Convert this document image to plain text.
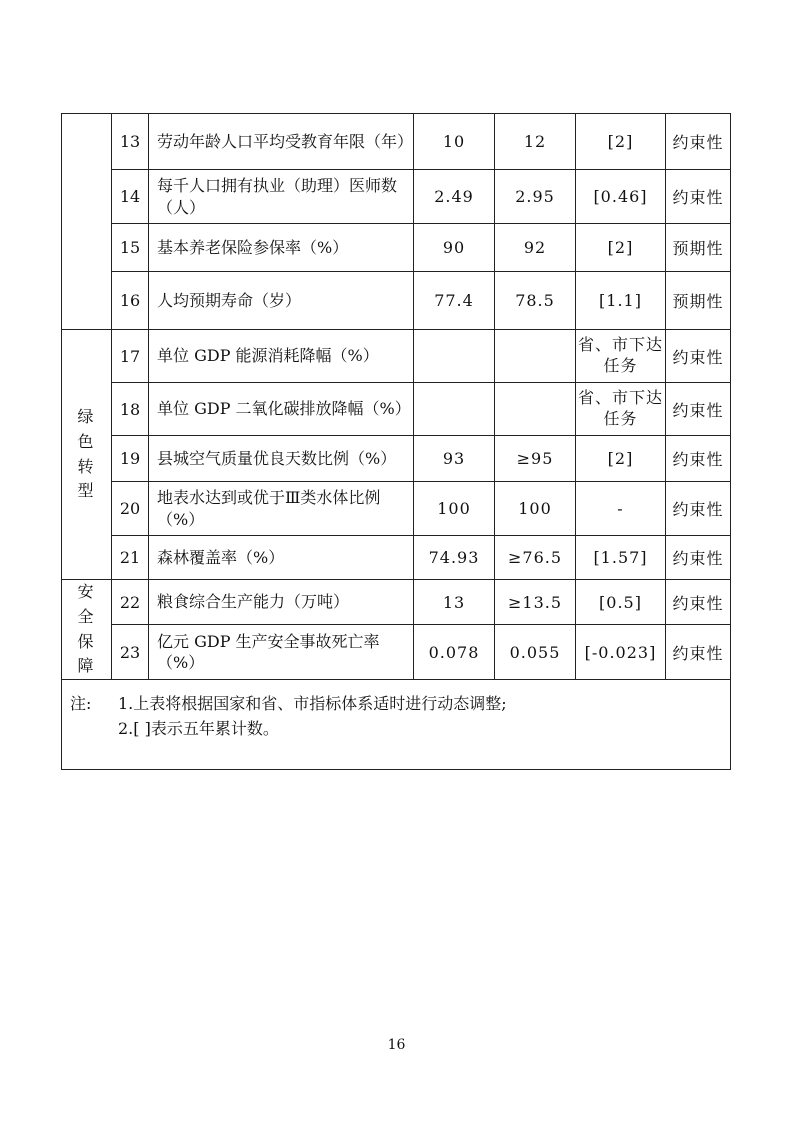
	13	劳动年龄人口平均受教育年限（年）	10	12	[2]	约束性
	14	每千人口拥有执业（助理）医师数（人）	2.49	2.95	[0.46]	约束性
	15	基本养老保险参保率（%）	90	92	[2]	预期性
	16	人均预期寿命（岁）	77.4	78.5	[1.1]	预期性
绿色转型	17	单位 GDP 能源消耗降幅（%）			省、市下达任务	约束性
	18	单位 GDP 二氧化碳排放降幅（%）			省、市下达任务	约束性
	19	县城空气质量优良天数比例（%）	93	≥95	[2]	约束性
	20	地表水达到或优于Ⅲ类水体比例（%）	100	100	-	约束性
	21	森林覆盖率（%）	74.93	≥76.5	[1.57]	约束性
安全保障	22	粮食综合生产能力（万吨）	13	≥13.5	[0.5]	约束性
	23	亿元 GDP 生产安全事故死亡率（%）	0.078	0.055	[-0.023]	约束性

注: 1.上表将根据国家和省、市指标体系适时进行动态调整;
2.[ ]表示五年累计数。						
16
